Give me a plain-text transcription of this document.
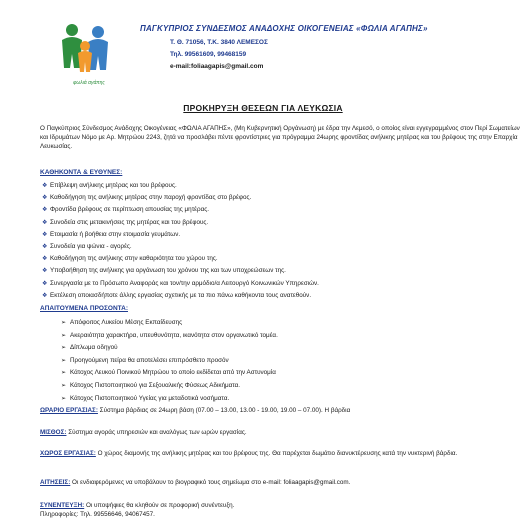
φωλιά αγάπης
ΠΑΓΚΥΠΡΙΟΣ ΣΥΝΔΕΣΜΟΣ ΑΝΑΔΟΧΗΣ ΟΙΚΟΓΕΝΕΙΑΣ «ΦΩΛΙΑ ΑΓΑΠΗΣ»
Τ. Θ. 71056, Τ.Κ. 3840 ΛΕΜΕΣΟΣ
Τηλ. 99561609, 99468159
e-mail:foliaagapis@gmail.com
ΠΡΟΚΗΡΥΞΗ ΘΕΣΕΩΝ ΓΙΑ ΛΕΥΚΩΣΙΑ
Ο Παγκύπριος Σύνδεσμος Ανάδοχης Οικογένειας «ΦΩΛΙΑ ΑΓΑΠΗΣ», (Μη Κυβερνητική Οργάνωση) με έδρα την Λεμεσό, ο οποίος είναι εγγεγραμμένος στον Περί Σωματείων και Ιδρυμάτων Νόμο με Αρ. Μητρώου 2243, ζητά να προσλάβει πέντε φροντίστριες για πρόγραμμα 24ωρης φροντίδας ανήλικης μητέρας και του βρέφους της στην Επαρχία Λευκωσίας.
ΚΑΘΗΚΟΝΤΑ & ΕΥΘΥΝΕΣ:
❖ Επίβλεψη ανήλικης μητέρας και του βρέφους.
❖ Καθοδήγηση της ανήλικης μητέρας στην παροχή φροντίδας στο βρέφος.
❖ Φροντίδα βρέφους σε περίπτωση απουσίας της μητέρας.
❖ Συνοδεία στις μετακινήσεις της μητέρας και του βρέφους.
❖ Ετοιμασία ή βοήθεια στην ετοιμασία γευμάτων.
❖ Συνοδεία για ψώνια - αγορές.
❖ Καθοδήγηση της ανήλικης στην καθαριότητα του χώρου της.
❖ Υποβοήθηση της ανήλικης για οργάνωση του χρόνου της και των υποχρεώσεων της.
❖ Συνεργασία με το Πρόσωπο Αναφοράς και τον/την αρμόδιο/α Λειτουργό Κοινωνικών Υπηρεσιών.
❖ Εκτέλεση οποιασδήποτε άλλης εργασίας σχετικής με τα πιο πάνω καθήκοντα τους ανατεθούν.
ΑΠΑΙΤΟΥΜΕΝΑ ΠΡΟΣΟΝΤΑ:
➢ Απόφοιτος Λυκείου Μέσης Εκπαίδευσης
➢ Ακεραιότητα χαρακτήρα, υπευθυνότητα, ικανότητα στον οργανωτικό τομέα.
➢ Δίπλωμα οδηγού
➢ Προηγούμενη πείρα θα αποτελέσει επιπρόσθετο προσόν
➢ Κάτοχος Λευκού Ποινικού Μητρώου το οποίο εκδίδεται από την Αστυνομία
➢ Κάτοχος Πιστοποιητικού για Σεξουαλικής Φύσεως Αδικήματα.
➢ Κάτοχος Πιστοποιητικού Υγείας για μεταδοτικά νοσήματα.
ΩΡΑΡΙΟ ΕΡΓΑΣΙΑΣ: Σύστημα βάρδιας σε 24ωρη βάση (07.00 – 13.00, 13.00 - 19.00, 19.00 – 07.00). Η βάρδια
ΜΙΣΘΟΣ: Σύστημα αγοράς υπηρεσιών και αναλόγως των ωρών εργασίας.
ΧΩΡΟΣ ΕΡΓΑΣΙΑΣ: Ο χώρος διαμονής της ανήλικης μητέρας και του βρέφους της. Θα παρέχεται δωμάτιο διανυκτέρευσης κατά την νυκτερινή βάρδια.
ΑΙΤΗΣΕΙΣ: Οι ενδιαφερόμενες να υποβάλουν το βιογραφικό τους σημείωμα στο e-mail: foliaagapis@gmail.com.
ΣΥΝΕΝΤΕΥΞΗ: Οι υποψήφιες θα κληθούν σε προφορική συνέντευξη.
Πληροφορίες: Τηλ. 99556646, 94067457.
